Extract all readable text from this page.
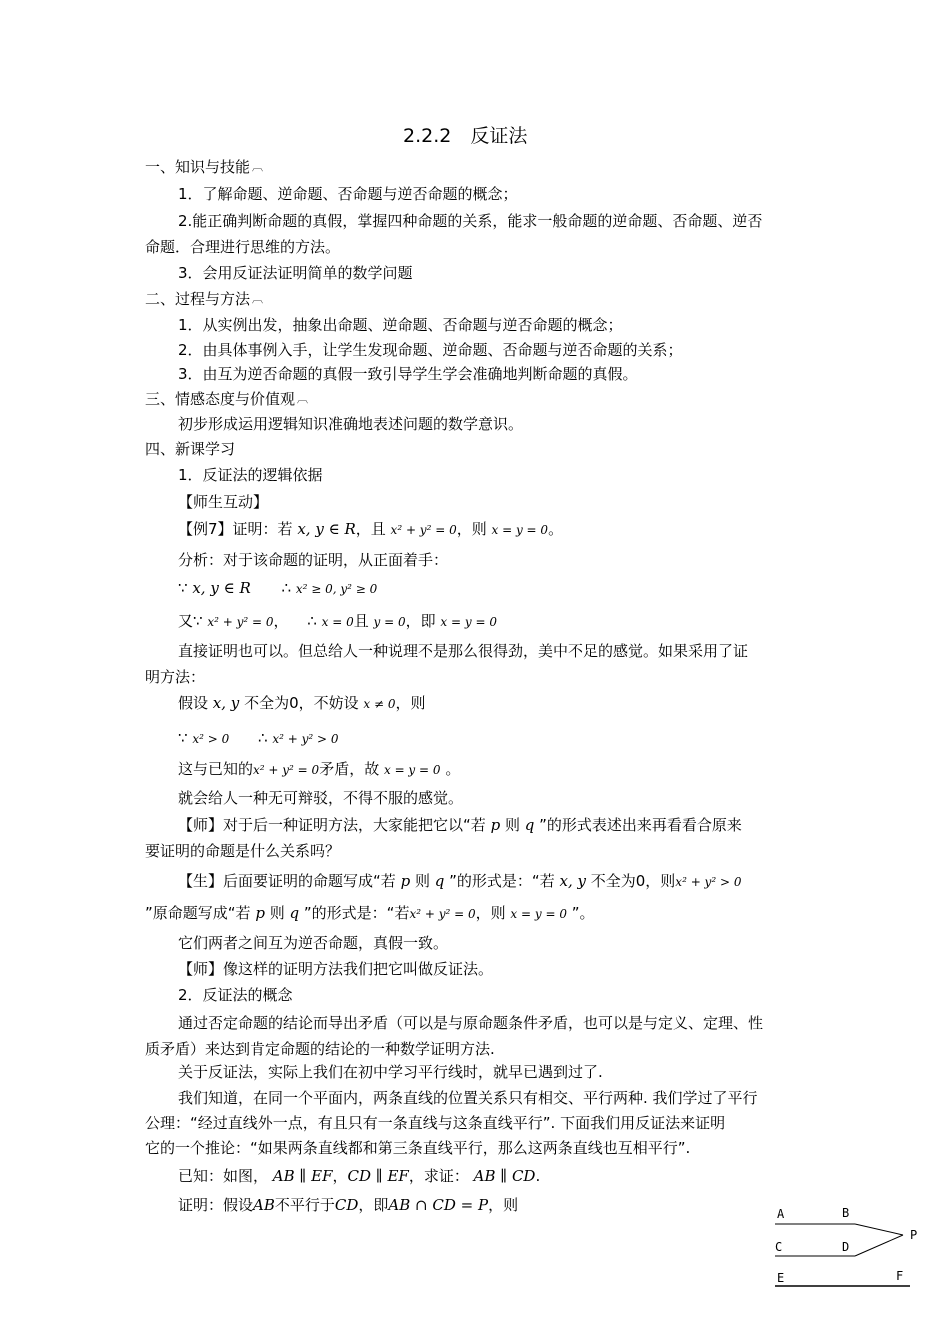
2.2.2　反证法
一、知识与技能 ︹
1．了解命题、逆命题、否命题与逆否命题的概念；
2.能正确判断命题的真假，掌握四种命题的关系，能求一般命题的逆命题、否命题、逆否
命题．合理进行思维的方法。
3．会用反证法证明简单的数学问题
二、过程与方法 ︹
1．从实例出发，抽象出命题、逆命题、否命题与逆否命题的概念；
2．由具体事例入手，让学生发现命题、逆命题、否命题与逆否命题的关系；
3．由互为逆否命题的真假一致引导学生学会准确地判断命题的真假。
三、情感态度与价值观 ︹
初步形成运用逻辑知识准确地表述问题的数学意识。
四、新课学习
1．反证法的逻辑依据
【师生互动】
【例7】证明：若 x, y ∈ R，且 x² + y² = 0，则 x = y = 0。
分析：对于该命题的证明，从正面着手：
∵ x, y ∈ R ∴ x² ≥ 0, y² ≥ 0
又∵ x² + y² = 0， ∴ x = 0且 y = 0，即 x = y = 0
直接证明也可以。但总给人一种说理不是那么很得劲，美中不足的感觉。如果采用了证
明方法：
假设 x, y 不全为0，不妨设 x ≠ 0，则
∵ x² > 0 ∴ x² + y² > 0
这与已知的x² + y² = 0矛盾，故 x = y = 0 。
就会给人一种无可辩驳，不得不服的感觉。
【师】对于后一种证明方法，大家能把它以“若 p 则 q ”的形式表述出来再看看合原来
要证明的命题是什么关系吗？
【生】后面要证明的命题写成“若 p 则 q ”的形式是：“若 x, y 不全为0，则x² + y² > 0
”原命题写成“若 p 则 q ”的形式是：“若x² + y² = 0，则 x = y = 0 ”。
它们两者之间互为逆否命题，真假一致。
【师】像这样的证明方法我们把它叫做反证法。
2．反证法的概念
通过否定命题的结论而导出矛盾（可以是与原命题条件矛盾，也可以是与定义、定理、性
质矛盾）来达到肯定命题的结论的一种数学证明方法.
关于反证法，实际上我们在初中学习平行线时，就早已遇到过了.
我们知道，在同一个平面内，两条直线的位置关系只有相交、平行两种. 我们学过了平行
公理：“经过直线外一点，有且只有一条直线与这条直线平行”. 下面我们用反证法来证明
它的一个推论：“如果两条直线都和第三条直线平行，那么这两条直线也互相平行”.
已知：如图， AB ∥ EF，CD ∥ EF，求证： AB ∥ CD.
证明：假设AB不平行于CD，即AB ∩ CD = P，则	A	B
C	D
E	F
P
